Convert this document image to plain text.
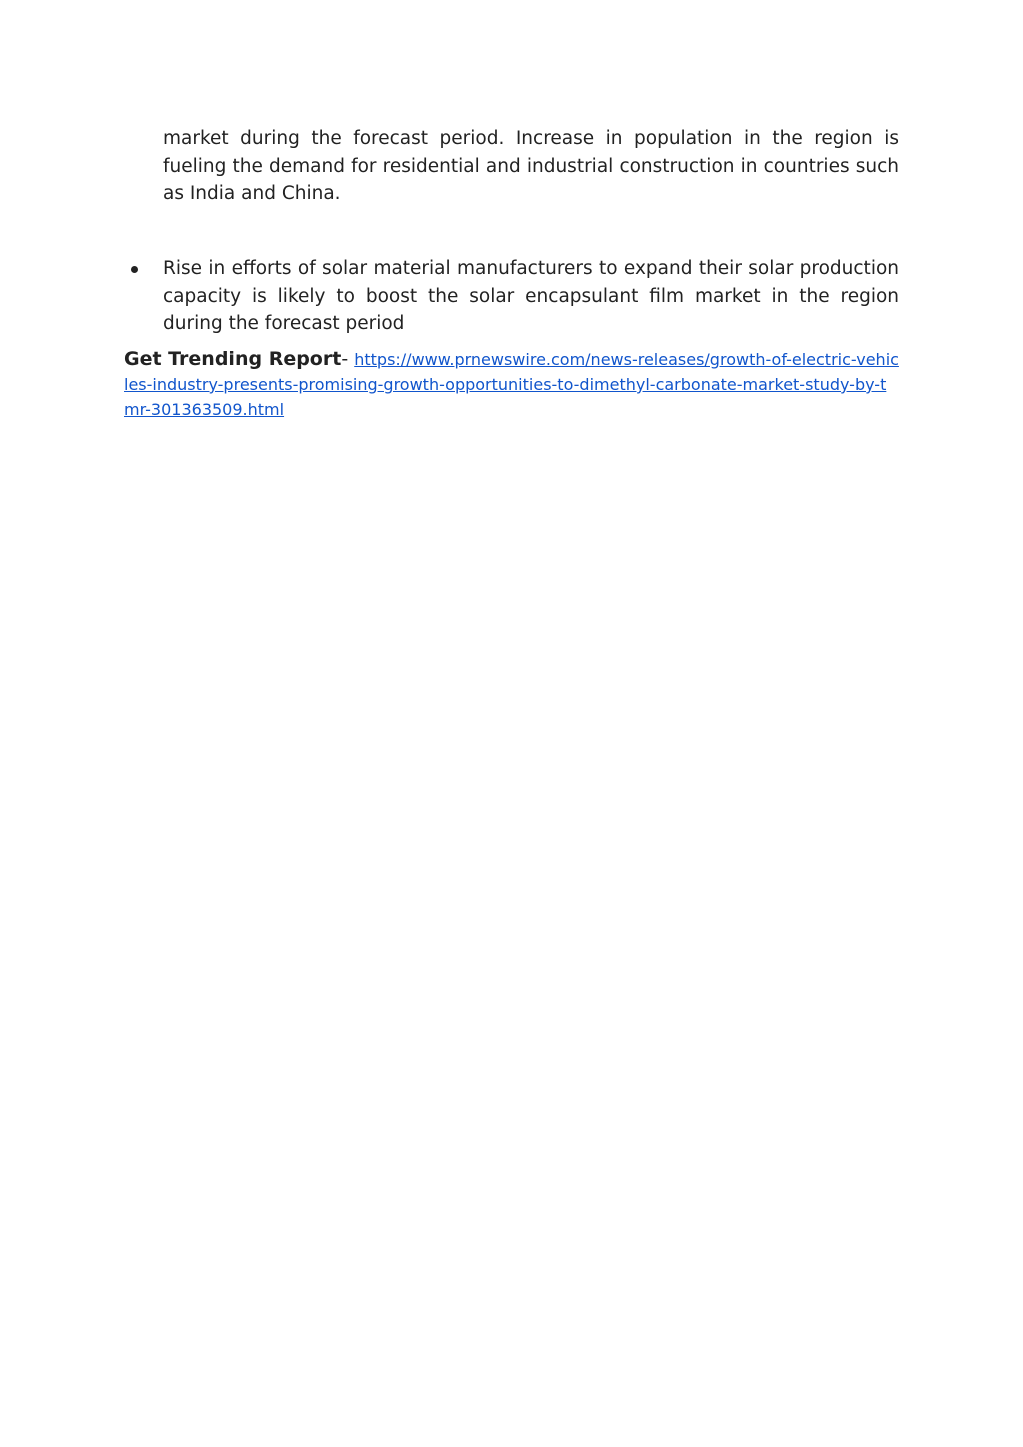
market during the forecast period. Increase in population in the region is fueling the demand for residential and industrial construction in countries such as India and China.

Rise in efforts of solar material manufacturers to expand their solar production capacity is likely to boost the solar encapsulant film market in the region during the forecast period

Get Trending Report- https://www.prnewswire.com/news-releases/growth-of-electric-vehicles-industry-presents-promising-growth-opportunities-to-dimethyl-carbonate-market-study-by-tmr-301363509.html
